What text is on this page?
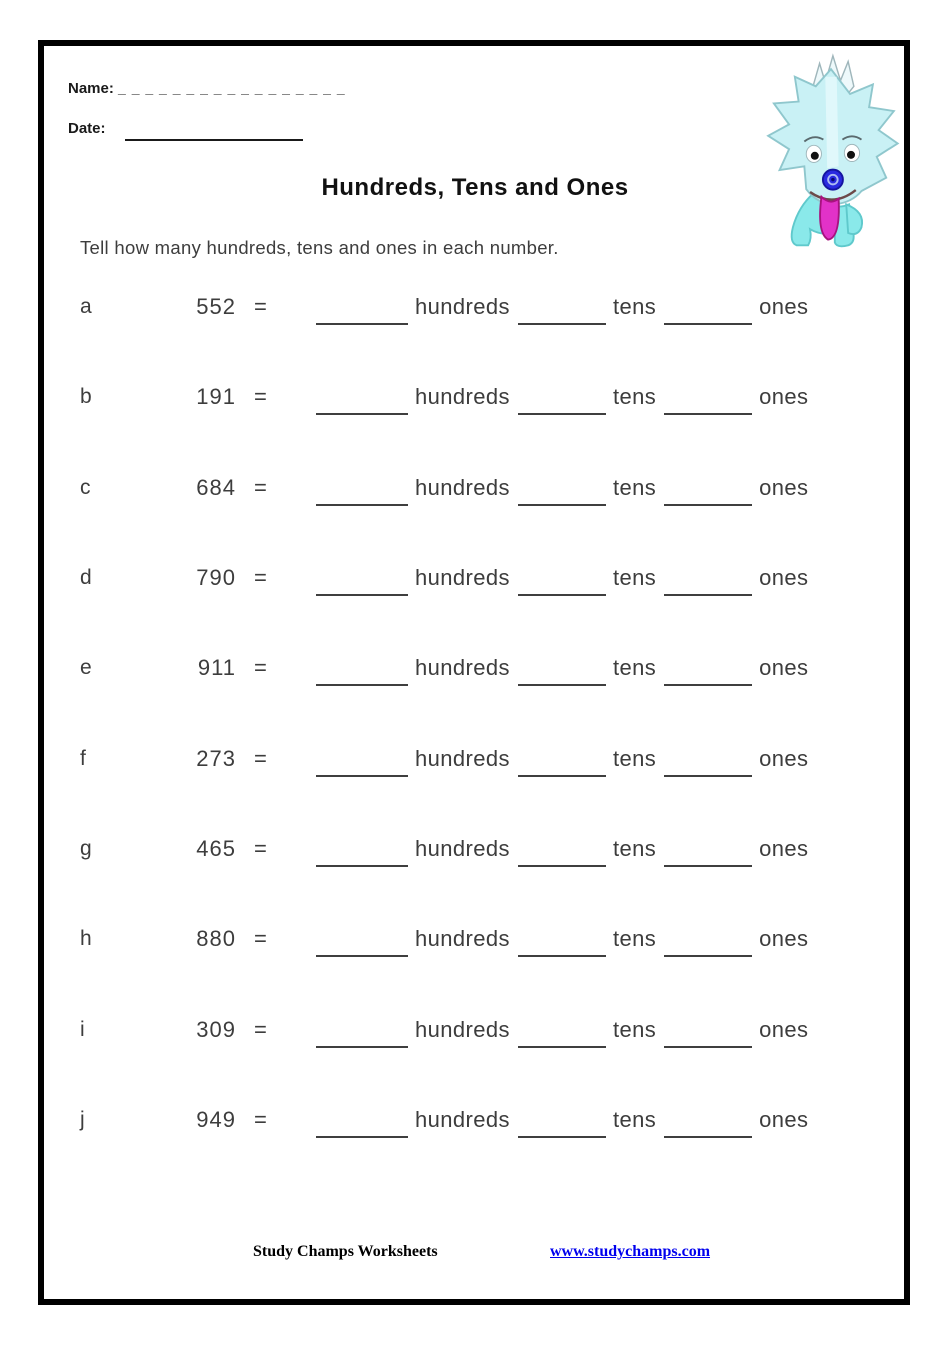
Name: _ _ _ _ _ _ _ _ _ _ _ _ _ _ _ _ _
Date:
Hundreds, Tens and Ones
Tell how many hundreds, tens and ones in each number.
a	552 =	hundreds	tens	ones
b	191 =	hundreds	tens	ones
c	684 =	hundreds	tens	ones
d	790 =	hundreds	tens	ones
e	911 =	hundreds	tens	ones
f	273 =	hundreds	tens	ones
g	465 =	hundreds	tens	ones
h	880 =	hundreds	tens	ones
i	309 =	hundreds	tens	ones
j	949 =	hundreds	tens	ones
Study Champs Worksheets	www.studychamps.com
